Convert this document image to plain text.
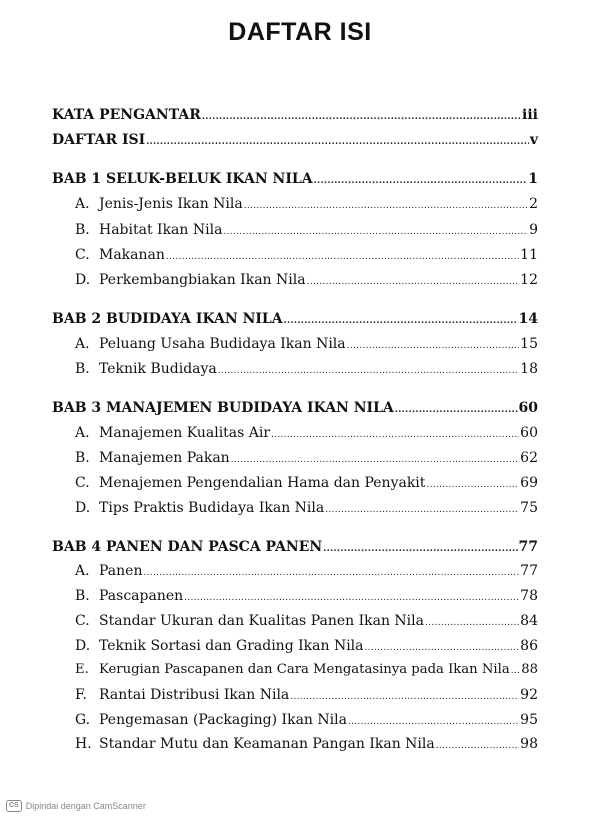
DAFTAR ISI
KATA PENGANTAR .....	iii
DAFTAR ISI .....	v
BAB 1 SELUK-BELUK IKAN NILA .....	1
A. Jenis-Jenis Ikan Nila .....	2
B. Habitat Ikan Nila .....	9
C. Makanan .....	11
D. Perkembangbiakan Ikan Nila .....	12
BAB 2 BUDIDAYA IKAN NILA .....	14
A. Peluang Usaha Budidaya Ikan Nila .....	15
B. Teknik Budidaya .....	18
BAB 3 MANAJEMEN BUDIDAYA IKAN NILA .....	60
A. Manajemen Kualitas Air .....	60
B. Manajemen Pakan .....	62
C. Menajemen Pengendalian Hama dan Penyakit .....	69
D. Tips Praktis Budidaya Ikan Nila .....	75
BAB 4 PANEN DAN PASCA PANEN .....	77
A. Panen .....	77
B. Pascapanen .....	78
C. Standar Ukuran dan Kualitas Panen Ikan Nila .....	84
D. Teknik Sortasi dan Grading Ikan Nila .....	86
E. Kerugian Pascapanen dan Cara Mengatasinya pada Ikan Nila ..... 88
F. Rantai Distribusi Ikan Nila .....	92
G. Pengemasan (Packaging) Ikan Nila .....	95
H. Standar Mutu dan Keamanan Pangan Ikan Nila .....	98
CS Dipindai dengan CamScanner
